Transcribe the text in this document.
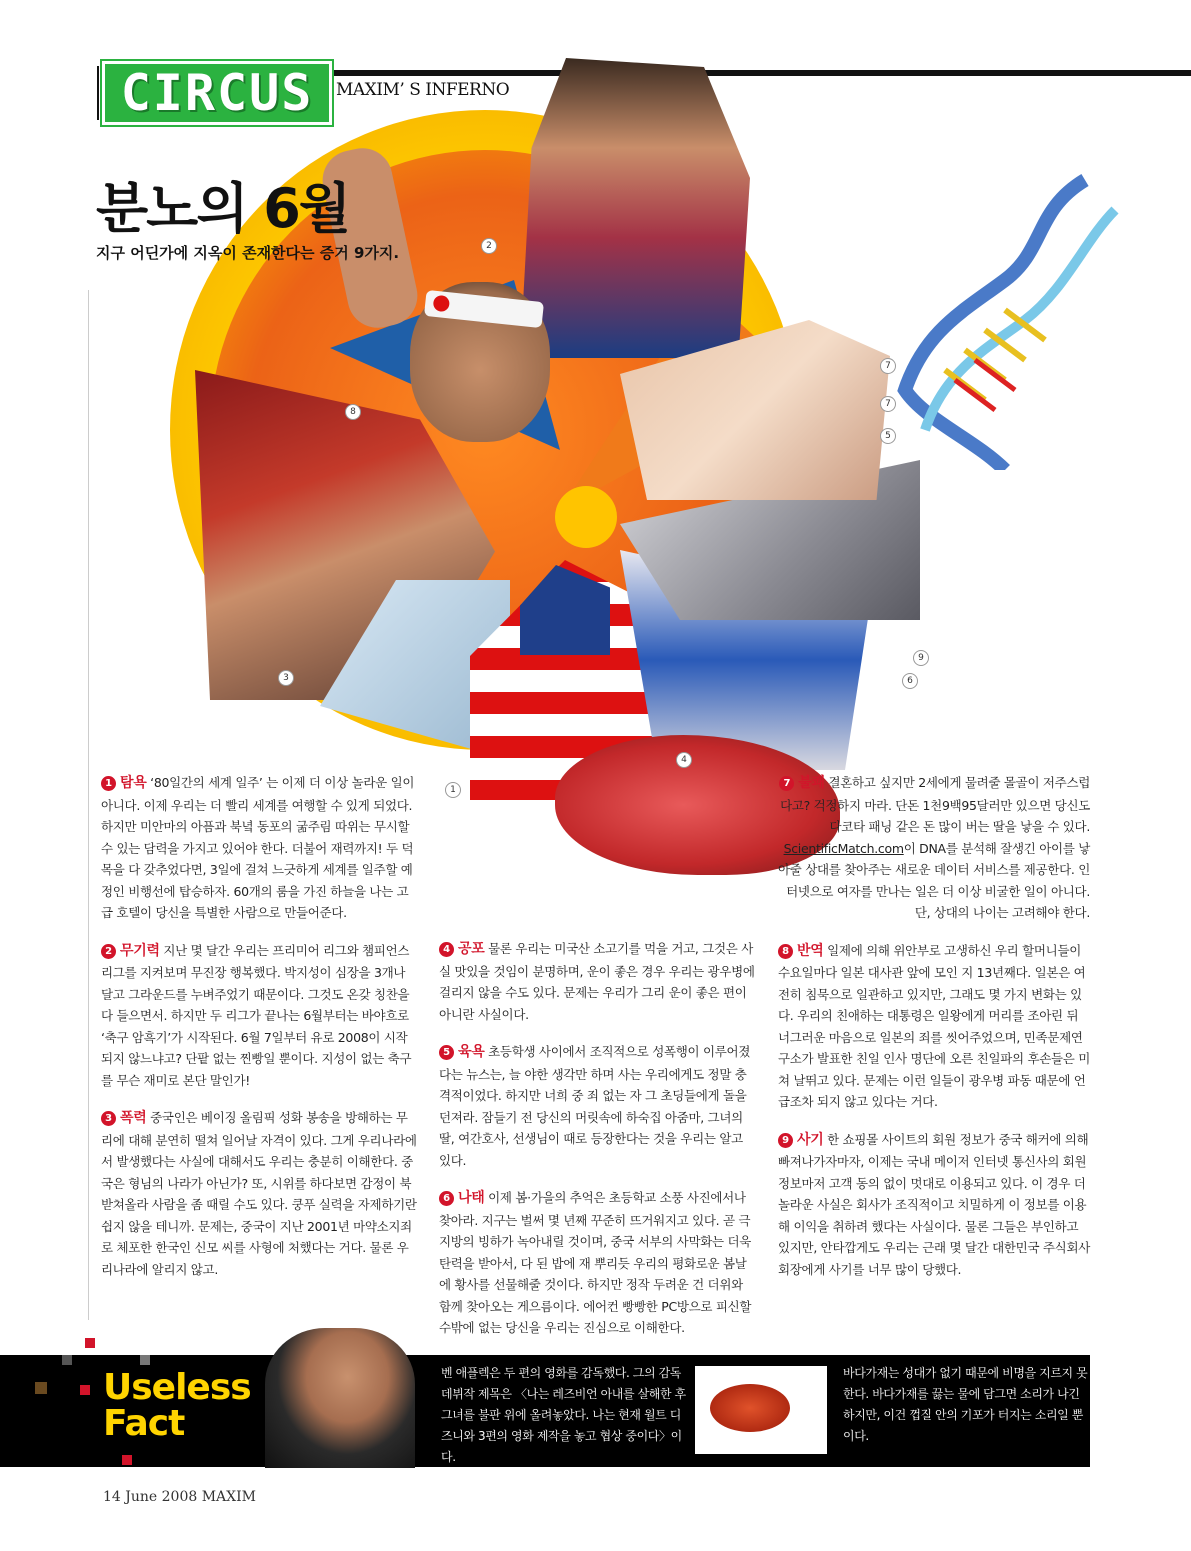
CIRCUS MAXIM’ S INFERNO
2
8
7
7
5
3
9
6
4
1
분노의 6월
지구 어딘가에 지옥이 존재한다는 증거 9가지.

1 탐욕 ‘80일간의 세계 일주’ 는 이제 더 이상 놀라운 일이 아니다. 이제 우리는 더 빨리 세계를 여행할 수 있게 되었다. 하지만 미안마의 아픔과 북녘 동포의 굶주림 따위는 무시할 수 있는 담력을 가지고 있어야 한다. 더불어 재력까지! 두 덕목을 다 갖추었다면, 3일에 걸쳐 느긋하게 세계를 일주할 예정인 비행선에 탑승하자. 60개의 룸을 가진 하늘을 나는 고급 호텔이 당신을 특별한 사람으로 만들어준다.

2 무기력 지난 몇 달간 우리는 프리미어 리그와 챔피언스리그를 지켜보며 무진장 행복했다. 박지성이 심장을 3개나 달고 그라운드를 누벼주었기 때문이다. 그것도 온갖 칭찬을 다 들으면서. 하지만 두 리그가 끝나는 6월부터는 바야흐로 ‘축구 암흑기’가 시작된다. 6월 7일부터 유로 2008이 시작되지 않느냐고? 단팥 없는 찐빵일 뿐이다. 지성이 없는 축구를 무슨 재미로 본단 말인가!

3 폭력 중국인은 베이징 올림픽 성화 봉송을 방해하는 무리에 대해 분연히 떨쳐 일어날 자격이 있다. 그게 우리나라에서 발생했다는 사실에 대해서도 우리는 충분히 이해한다. 중국은 형님의 나라가 아닌가? 또, 시위를 하다보면 감정이 북받쳐올라 사람을 좀 때릴 수도 있다. 쿵푸 실력을 자제하기란 쉽지 않을 테니까. 문제는, 중국이 지난 2001년 마약소지죄로 체포한 한국인 신모 씨를 사형에 처했다는 거다. 물론 우리나라에 알리지 않고.

4 공포 물론 우리는 미국산 소고기를 먹을 거고, 그것은 사실 맛있을 것임이 분명하며, 운이 좋은 경우 우리는 광우병에 걸리지 않을 수도 있다. 문제는 우리가 그리 운이 좋은 편이 아니란 사실이다.

5 육욕 초등학생 사이에서 조직적으로 성폭행이 이루어졌다는 뉴스는, 늘 야한 생각만 하며 사는 우리에게도 정말 충격적이었다. 하지만 너희 중 죄 없는 자 그 초딩들에게 돌을 던져라. 잠들기 전 당신의 머릿속에 하숙집 아줌마, 그녀의 딸, 여간호사, 선생님이 때로 등장한다는 것을 우리는 알고 있다.

6 나태 이제 봄·가을의 추억은 초등학교 소풍 사진에서나 찾아라. 지구는 벌써 몇 년째 꾸준히 뜨거워지고 있다. 곧 극지방의 빙하가 녹아내릴 것이며, 중국 서부의 사막화는 더욱 탄력을 받아서, 다 된 밥에 재 뿌리듯 우리의 평화로운 봄날에 황사를 선물해줄 것이다. 하지만 정작 두려운 건 더위와 함께 찾아오는 게으름이다. 에어컨 빵빵한 PC방으로 피신할 수밖에 없는 당신을 우리는 진심으로 이해한다.

7 불쾌 결혼하고 싶지만 2세에게 물려줄 몰골이 저주스럽다고? 걱정하지 마라. 단돈 1천9백95달러만 있으면 당신도 다코타 패닝 같은 돈 많이 버는 딸을 낳을 수 있다. ScientificMatch.com이 DNA를 분석해 잘생긴 아이를 낳아줄 상대를 찾아주는 새로운 데이터 서비스를 제공한다. 인터넷으로 여자를 만나는 일은 더 이상 비굴한 일이 아니다. 단, 상대의 나이는 고려해야 한다.

8 반역 일제에 의해 위안부로 고생하신 우리 할머니들이 수요일마다 일본 대사관 앞에 모인 지 13년째다. 일본은 여전히 침묵으로 일관하고 있지만, 그래도 몇 가지 변화는 있다. 우리의 친애하는 대통령은 일왕에게 머리를 조아린 뒤 너그러운 마음으로 일본의 죄를 씻어주었으며, 민족문제연구소가 발표한 친일 인사 명단에 오른 친일파의 후손들은 미쳐 날뛰고 있다. 문제는 이런 일들이 광우병 파동 때문에 언급조차 되지 않고 있다는 거다.

9 사기 한 쇼핑몰 사이트의 회원 정보가 중국 해커에 의해 빠져나가자마자, 이제는 국내 메이저 인터넷 통신사의 회원 정보마저 고객 동의 없이 멋대로 이용되고 있다. 이 경우 더 놀라운 사실은 회사가 조직적이고 치밀하게 이 정보를 이용해 이익을 취하려 했다는 사실이다. 물론 그들은 부인하고 있지만, 안타깝게도 우리는 근래 몇 달간 대한민국 주식회사 회장에게 사기를 너무 많이 당했다.

Useless
Fact
벤 애플렉은 두 편의 영화를 감독했다. 그의 감독 데뷔작 제목은 〈나는 레즈비언 아내를 살해한 후 그녀를 불판 위에 올려놓았다. 나는 현재 월트 디즈니와 3편의 영화 제작을 놓고 협상 중이다〉이다.
바다가재는 성대가 없기 때문에 비명을 지르지 못한다. 바다가재를 끓는 물에 담그면 소리가 나긴 하지만, 이건 껍질 안의 기포가 터지는 소리일 뿐이다.
14 June 2008 MAXIM
